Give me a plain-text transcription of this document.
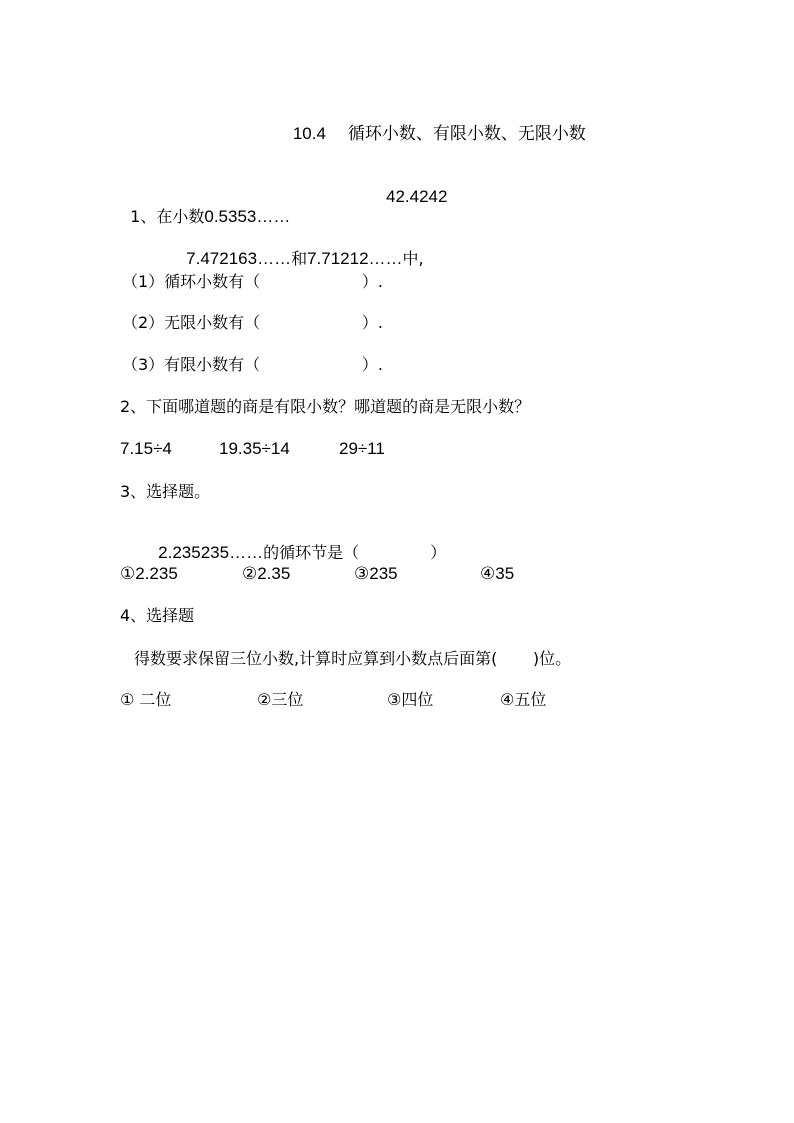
10.4 循环小数、有限小数、无限小数

1、在小数0.5353……

42.4242

7.472163……和7.71212……中,

（1）循环小数有（                    ）.
（2）无限小数有（                    ）.
（3）有限小数有（                    ）.
2、下面哪道题的商是有限小数？哪道题的商是无限小数？
7.15÷4	19.35÷14	29÷11
3、选择题。

2.235235……的循环节是（              ）

①2.235	②2.35	③235	④35
4、选择题
得数要求保留三位小数,计算时应算到小数点后面第(       )位。
① 二位	②三位	③四位	④五位
